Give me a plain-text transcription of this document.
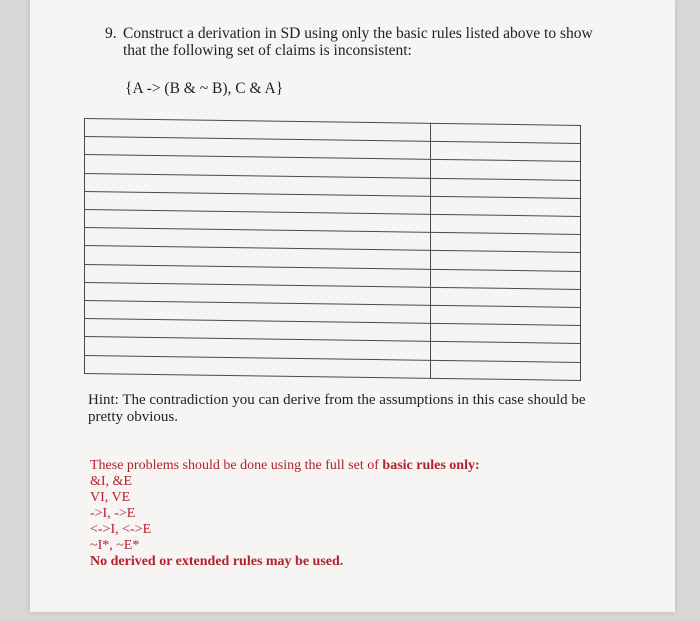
9. Construct a derivation in SD using only the basic rules listed above to show
that the following set of claims is inconsistent:
{A -> (B & ~ B), C & A}

Hint: The contradiction you can derive from the assumptions in this case should be pretty obvious.
These problems should be done using the full set of basic rules only:
&I, &E
VI, VE
->I, ->E
<->I, <->E
~I*, ~E*
No derived or extended rules may be used.
